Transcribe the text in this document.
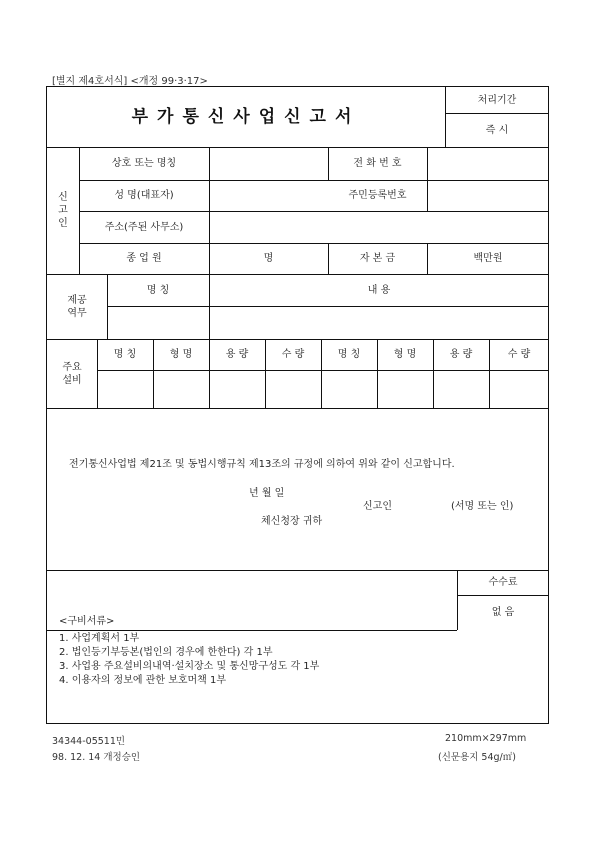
[별지 제4호서식] <개정 99·3·17>
부가통신사업신고서
처리기간
즉 시
신
고
인
상호 또는 명칭	전 화 번 호
성 명(대표자)	주민등록번호
주소(주된 사무소)
종 업 원	명	자 본 금	백만원
제공
역무
명 칭	내 용
주요
설비
명 칭	형 명	용 량	수 량	명 칭	형 명	용 량	수 량
전기통신사업법 제21조 및 동법시행규칙 제13조의 규정에 의하여 위와 같이 신고합니다.
년 월 일
신고인	(서명 또는 인)
체신청장 귀하
수수료
없 음
<구비서류>
1. 사업계획서 1부
2. 법인등기부등본(법인의 경우에 한한다) 각 1부
3. 사업용 주요설비의내역·설치장소 및 통신망구성도 각 1부
4. 이용자의 정보에 관한 보호머책 1부
34344-05511민
98. 12. 14 개정승인
210mm×297mm
(신문용지 54g/㎡)
